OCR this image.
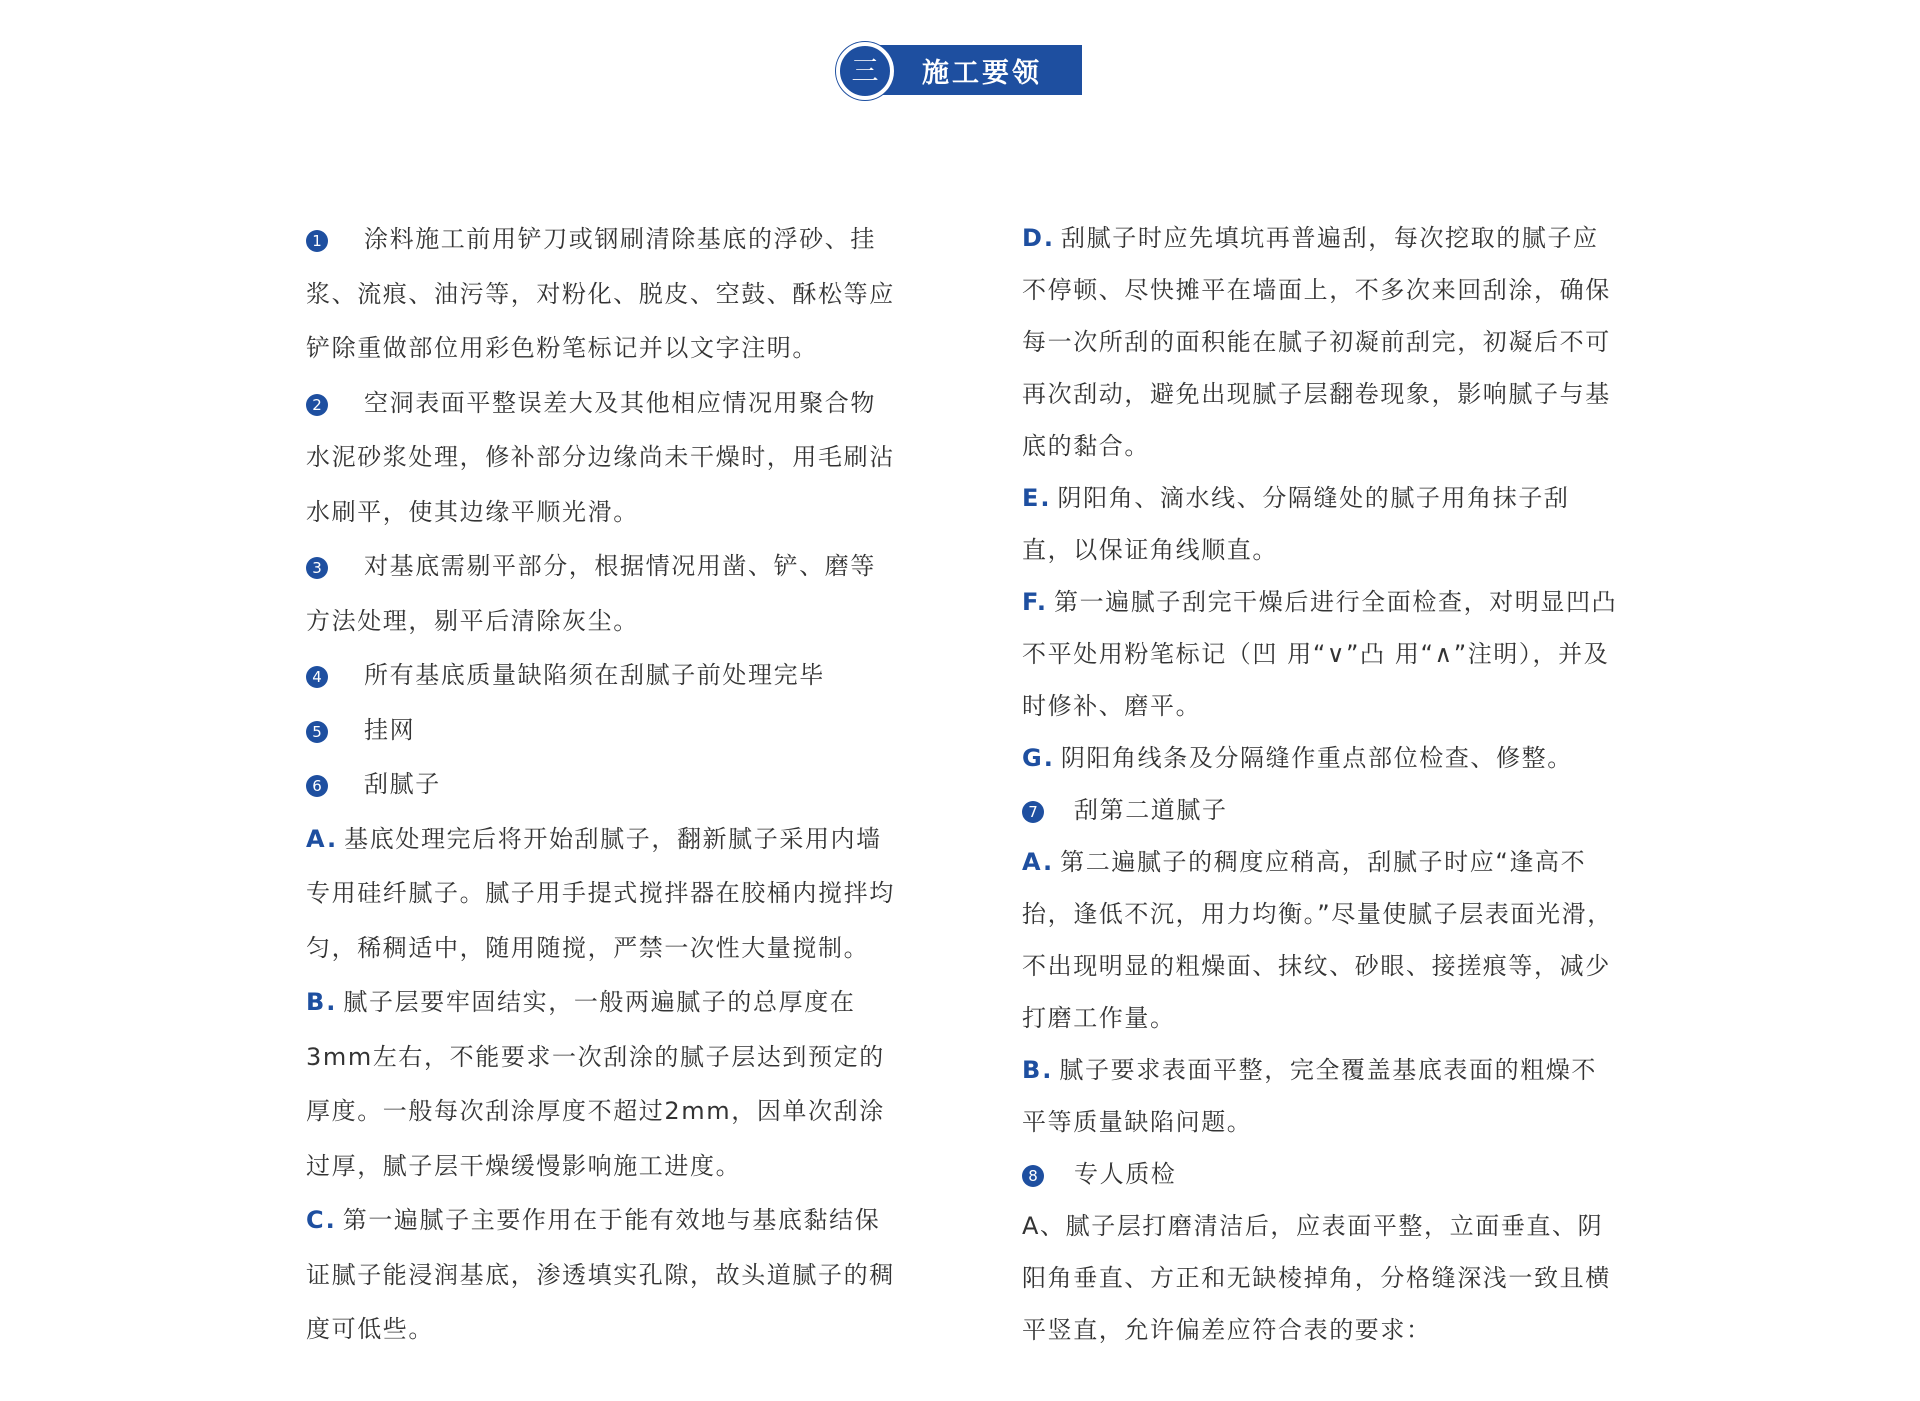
施工要领
三

1 涂料施工前用铲刀或钢刷清除基底的浮砂、挂浆、流痕、油污等，对粉化、脱皮、空鼓、酥松等应铲除重做部位用彩色粉笔标记并以文字注明。

2 空洞表面平整误差大及其他相应情况用聚合物水泥砂浆处理，修补部分边缘尚未干燥时，用毛刷沾水刷平，使其边缘平顺光滑。

3 对基底需剔平部分，根据情况用凿、铲、磨等方法处理，剔平后清除灰尘。

4 所有基底质量缺陷须在刮腻子前处理完毕

5 挂网

6 刮腻子

A. 基底处理完后将开始刮腻子，翻新腻子采用内墙专用硅纤腻子。腻子用手提式搅拌器在胶桶内搅拌均匀，稀稠适中，随用随搅，严禁一次性大量搅制。

B. 腻子层要牢固结实，一般两遍腻子的总厚度在3mm左右，不能要求一次刮涂的腻子层达到预定的厚度。一般每次刮涂厚度不超过2mm，因单次刮涂过厚，腻子层干燥缓慢影响施工进度。

C. 第一遍腻子主要作用在于能有效地与基底黏结保证腻子能浸润基底，渗透填实孔隙，故头道腻子的稠度可低些。

D. 刮腻子时应先填坑再普遍刮，每次挖取的腻子应不停顿、尽快摊平在墙面上，不多次来回刮涂，确保每一次所刮的面积能在腻子初凝前刮完，初凝后不可再次刮动，避免出现腻子层翻卷现象，影响腻子与基底的黏合。

E. 阴阳角、滴水线、分隔缝处的腻子用角抹子刮直，以保证角线顺直。

F. 第一遍腻子刮完干燥后进行全面检查，对明显凹凸不平处用粉笔标记（凹 用“∨”凸 用“∧”注明），并及时修补、磨平。

G. 阴阳角线条及分隔缝作重点部位检查、修整。

7 刮第二道腻子

A. 第二遍腻子的稠度应稍高，刮腻子时应“逢高不抬，逢低不沉，用力均衡。”尽量使腻子层表面光滑，不出现明显的粗燥面、抹纹、砂眼、接搓痕等，减少打磨工作量。

B. 腻子要求表面平整，完全覆盖基底表面的粗燥不平等质量缺陷问题。

8 专人质检

A、腻子层打磨清洁后，应表面平整，立面垂直、阴阳角垂直、方正和无缺棱掉角，分格缝深浅一致且横平竖直，允许偏差应符合表的要求：
